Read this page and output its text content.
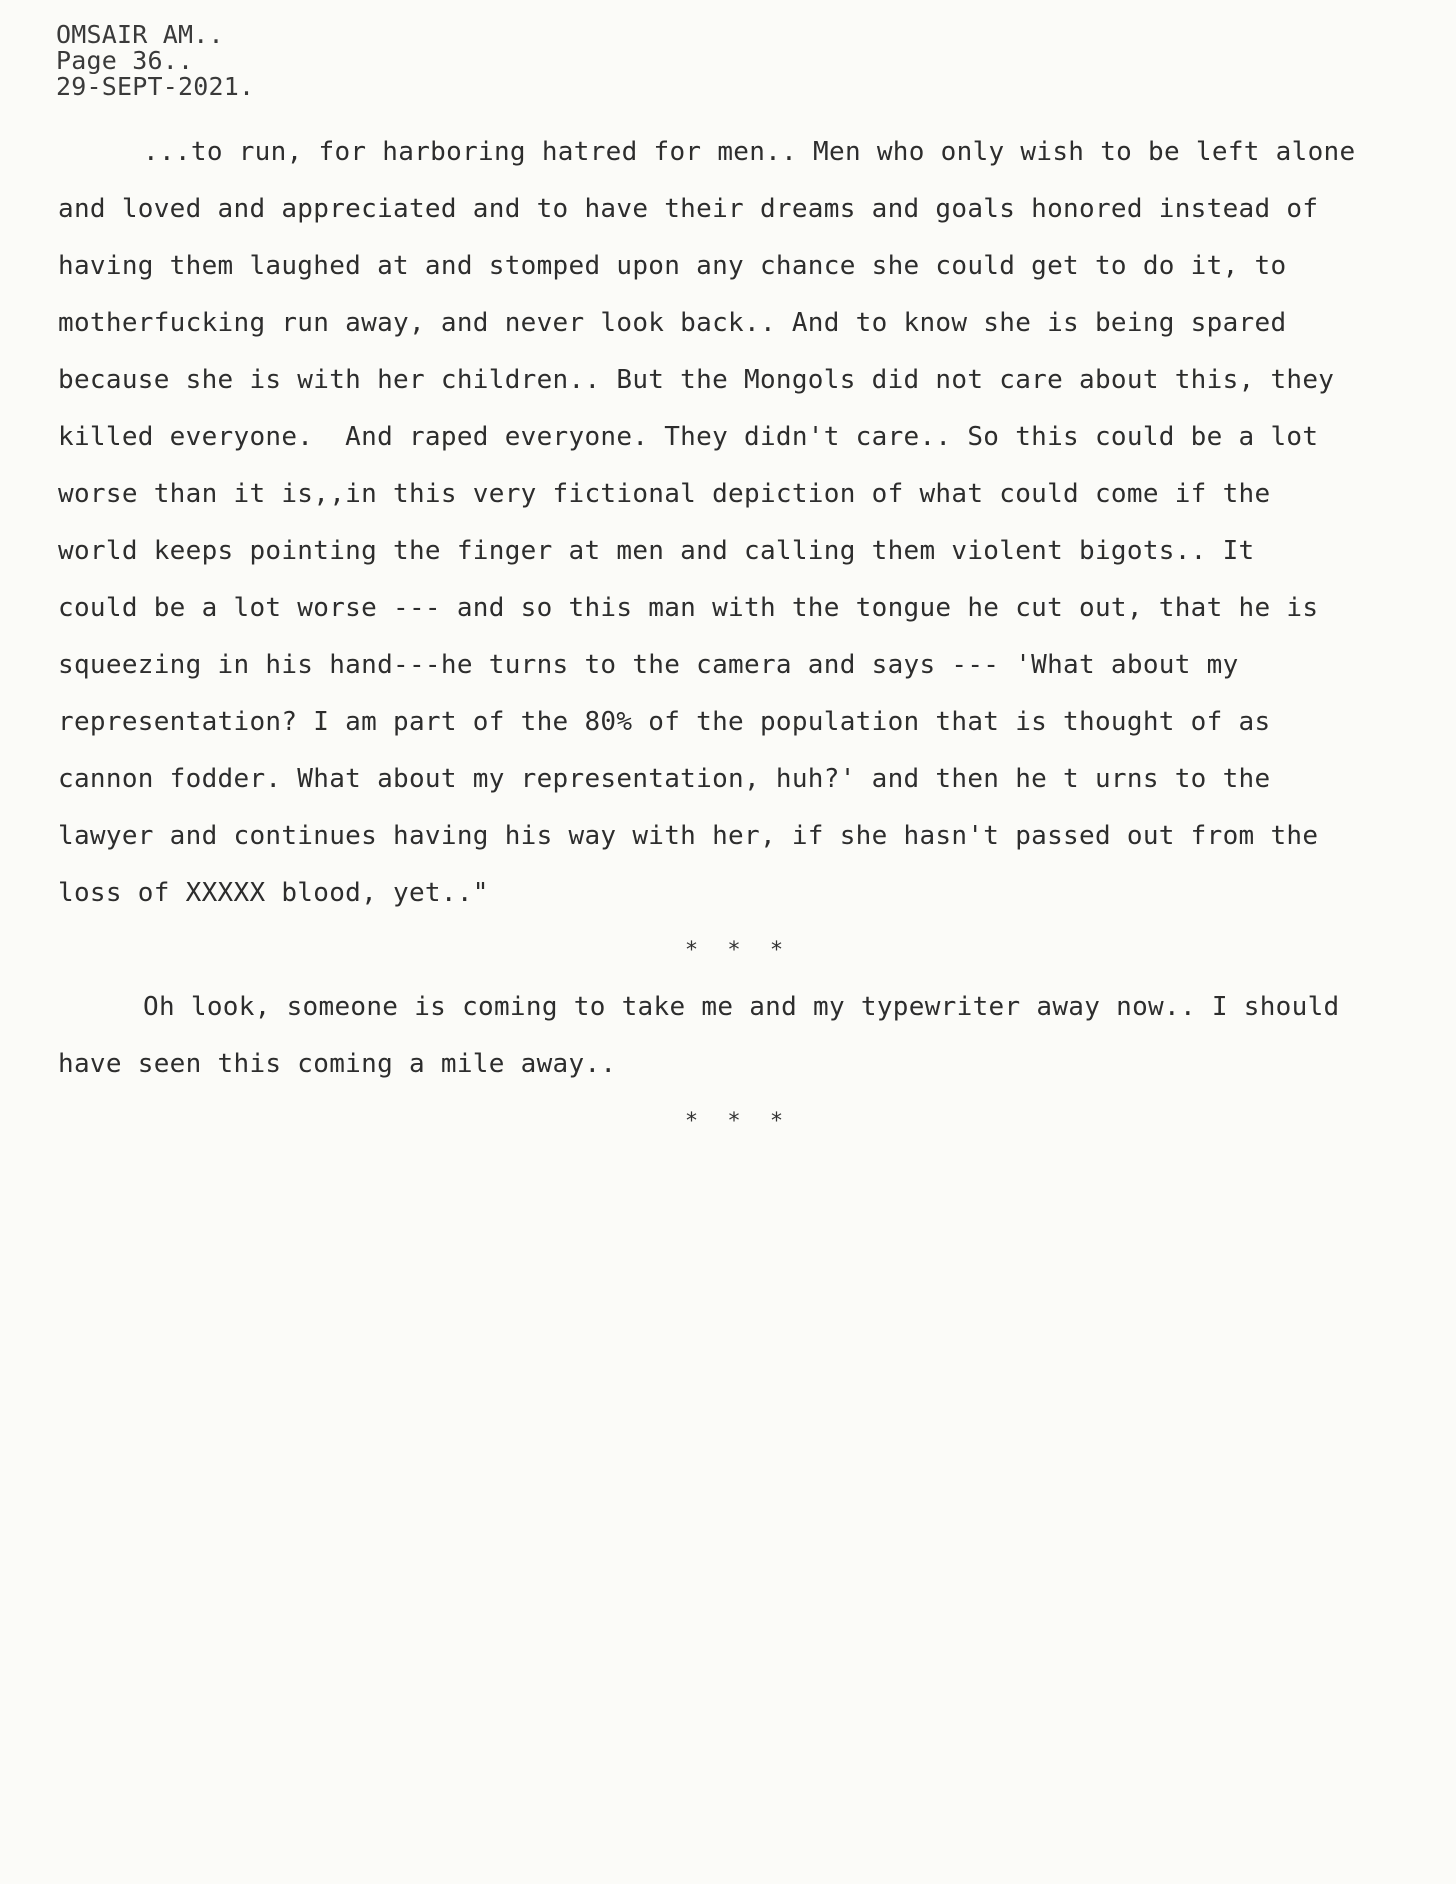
OMSAIR AM..
Page 36..
29-SEPT-2021.
...to run, for harboring hatred for men.. Men who only wish to be left alone
and loved and appreciated and to have their dreams and goals honored instead of
having them laughed at and stomped upon any chance she could get to do it, to
motherfucking run away, and never look back.. And to know she is being spared
because she is with her children.. But the Mongols did not care about this, they
killed everyone.  And raped everyone. They didn't care.. So this could be a lot
worse than it is,,in this very fictional depiction of what could come if the
world keeps pointing the finger at men and calling them violent bigots.. It
could be a lot worse --- and so this man with the tongue he cut out, that he is
squeezing in his hand---he turns to the camera and says --- 'What about my
representation? I am part of the 80% of the population that is thought of as
cannon fodder. What about my representation, huh?' and then he t urns to the
lawyer and continues having his way with her, if she hasn't passed out from the
loss of XXXXX blood, yet.."
* * *
Oh look, someone is coming to take me and my typewriter away now.. I should
have seen this coming a mile away..
* * *
